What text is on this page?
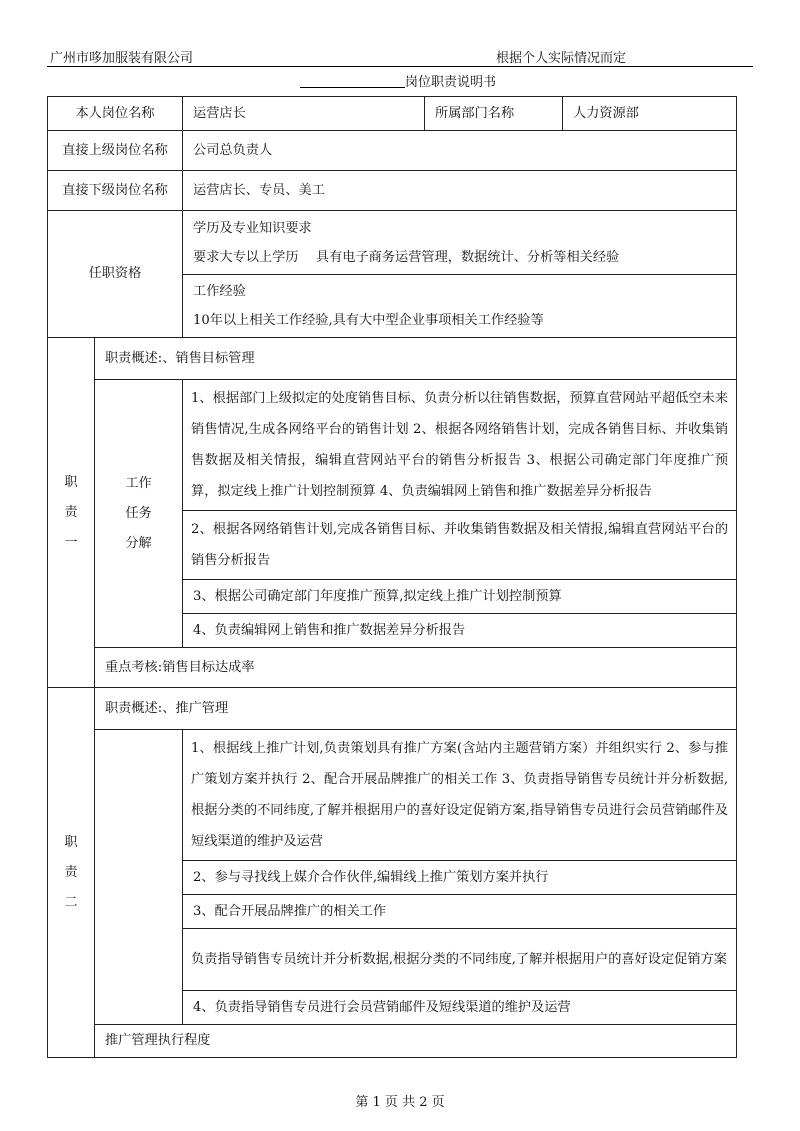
广州市哆加服装有限公司	根据个人实际情况而定
岗位职责说明书
本人岗位名称		运营店长	所属部门名称	人力资源部
直接上级岗位名称		公司总负责人		
直接下级岗位名称		运营店长、专员、美工		
任职资格		学历及专业知识要求
要求大专以上学历　 具有电子商务运营管理，数据统计、分析等相关经验		

		工作经验
10年以上相关工作经验,具有大中型企业事项相关工作经验等		

职
责
一	职责概述:、销售目标管理			

	工作
任务
分解			

		1、根据部门上级拟定的处度销售目标、负责分析以往销售数据，预算直营网站平超低空未来销售情况,生成各网络平台的销售计划 2、根据各网络销售计划，完成各销售目标、并收集销售数据及相关情报，编辑直营网站平台的销售分析报告 3、根据公司确定部门年度推广预算，拟定线上推广计划控制预算 4、负责编辑网上销售和推广数据差异分析报告		
		2、根据各网络销售计划,完成各销售目标、并收集销售数据及相关情报,编辑直营网站平台的销售分析报告		
		3、根据公司确定部门年度推广预算,拟定线上推广计划控制预算		
		4、负责编辑网上销售和推广数据差异分析报告		
	重点考核:销售目标达成率			

职
责
二	职责概述:、推广管理			

		1、根据线上推广计划,负责策划具有推广方案(含站内主题营销方案）并组织实行 2、参与推广策划方案并执行 2、配合开展品牌推广的相关工作 3、负责指导销售专员统计并分析数据,根据分类的不同纬度,了解并根据用户的喜好设定促销方案,指导销售专员进行会员营销邮件及短线渠道的维护及运营		
		2、参与寻找线上媒介合作伙伴,编辑线上推广策划方案并执行		
		3、配合开展品牌推广的相关工作		
		负责指导销售专员统计并分析数据,根据分类的不同纬度,了解并根据用户的喜好设定促销方案		
		4、负责指导销售专员进行会员营销邮件及短线渠道的维护及运营		
	推广管理执行程度			
第 1 页 共 2 页
